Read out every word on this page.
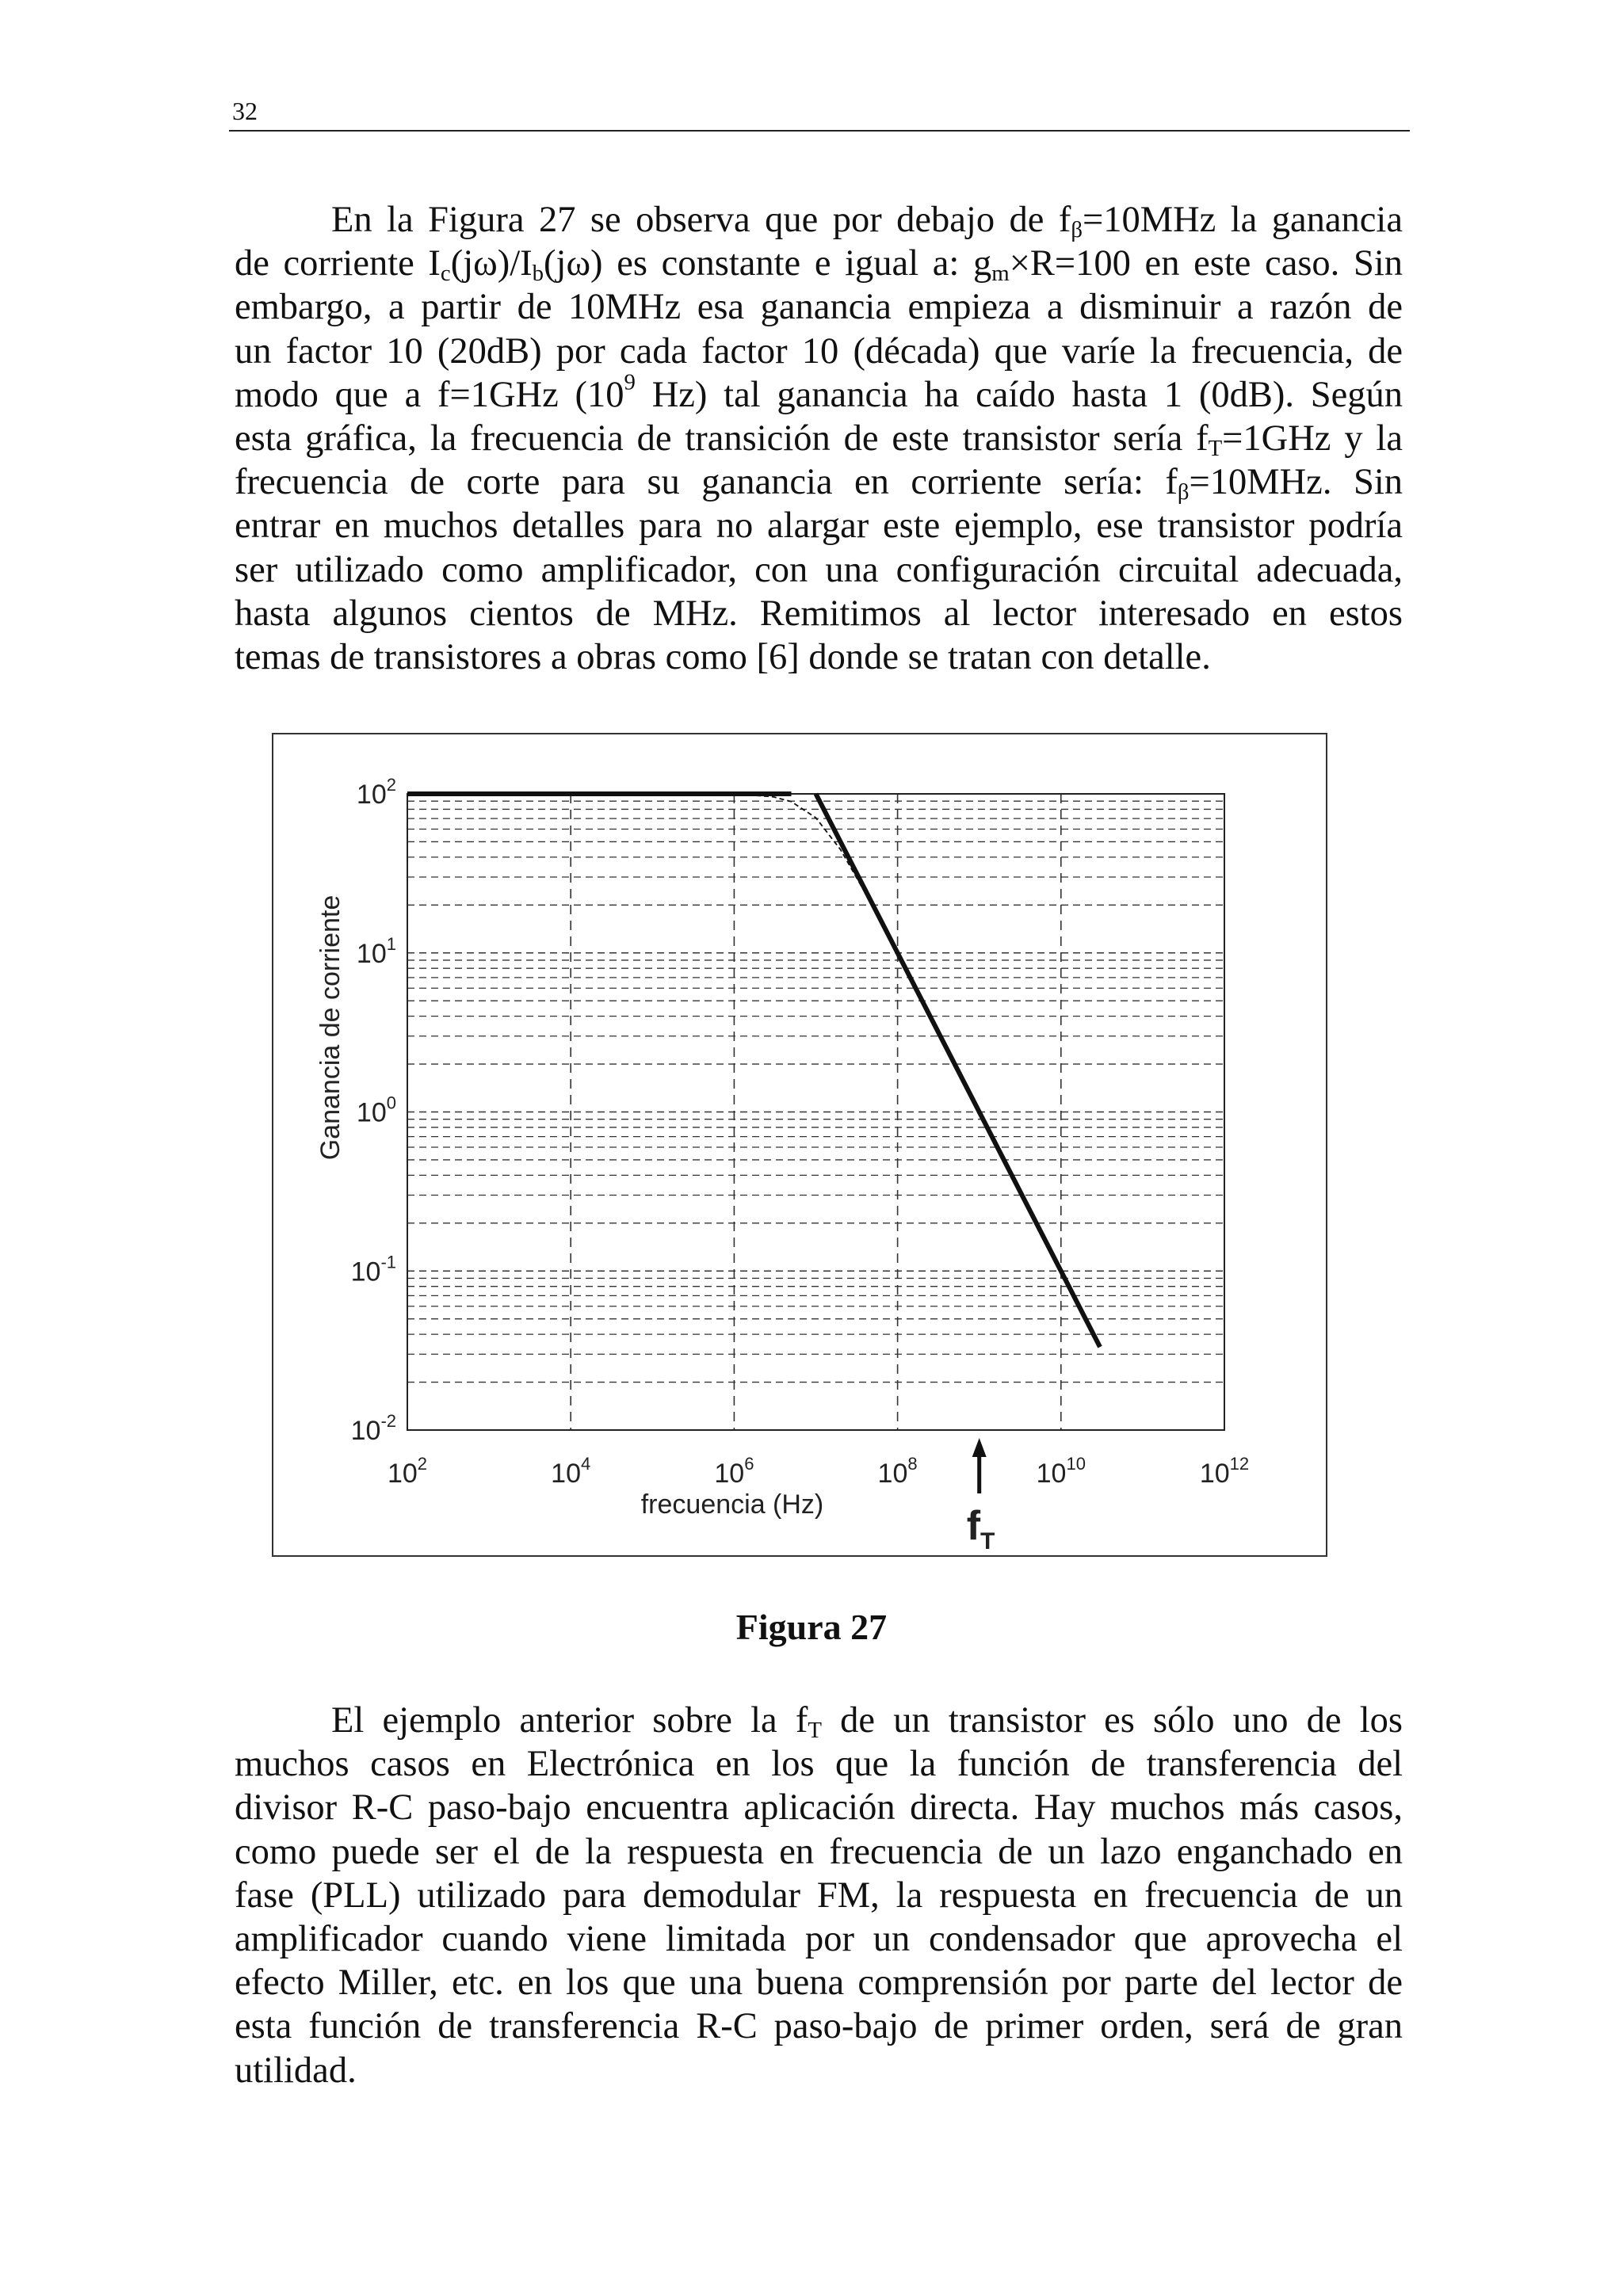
32
En la Figura 27 se observa que por debajo de $f_\beta=10MHz$ la ganancia
de corriente $I_c(j\omega)/I_b(j\omega)$ es constante e igual a: $g_m\times R=100$ en este caso. Sin
embargo, a partir de 10MHz esa ganancia empieza a disminuir a razón de
un factor 10 (20dB) por cada factor 10 (década) que varíe la frecuencia, de
modo que a f=1GHz ($10^9$ Hz) tal ganancia ha caído hasta 1 (0dB). Según
esta gráfica, la frecuencia de transición de este transistor sería $f_T=1GHz$ y la
frecuencia de corte para su ganancia en corriente sería: $f_\beta=10MHz$. Sin
entrar en muchos detalles para no alargar este ejemplo, ese transistor podría
ser utilizado como amplificador, con una configuración circuital adecuada,
hasta algunos cientos de MHz. Remitimos al lector interesado en estos
temas de transistores a obras como [6] donde se tratan con detalle.
$10^2$	$10^4$	$10^6$	$10^8$	$10^{10}$	$10^{12}$
$10^2$
$10^1$
$10^0$
$10^{-1}$
$10^{-2}$
frecuencia (Hz)
Ganancia de corriente
$f_T$
Figura 27
El ejemplo anterior sobre la $f_T$ de un transistor es sólo uno de los
muchos casos en Electrónica en los que la función de transferencia del
divisor R-C paso-bajo encuentra aplicación directa. Hay muchos más casos,
como puede ser el de la respuesta en frecuencia de un lazo enganchado en
fase (PLL) utilizado para demodular FM, la respuesta en frecuencia de un
amplificador cuando viene limitada por un condensador que aprovecha el
efecto Miller, etc. en los que una buena comprensión por parte del lector de
esta función de transferencia R-C paso-bajo de primer orden, será de gran
utilidad.
